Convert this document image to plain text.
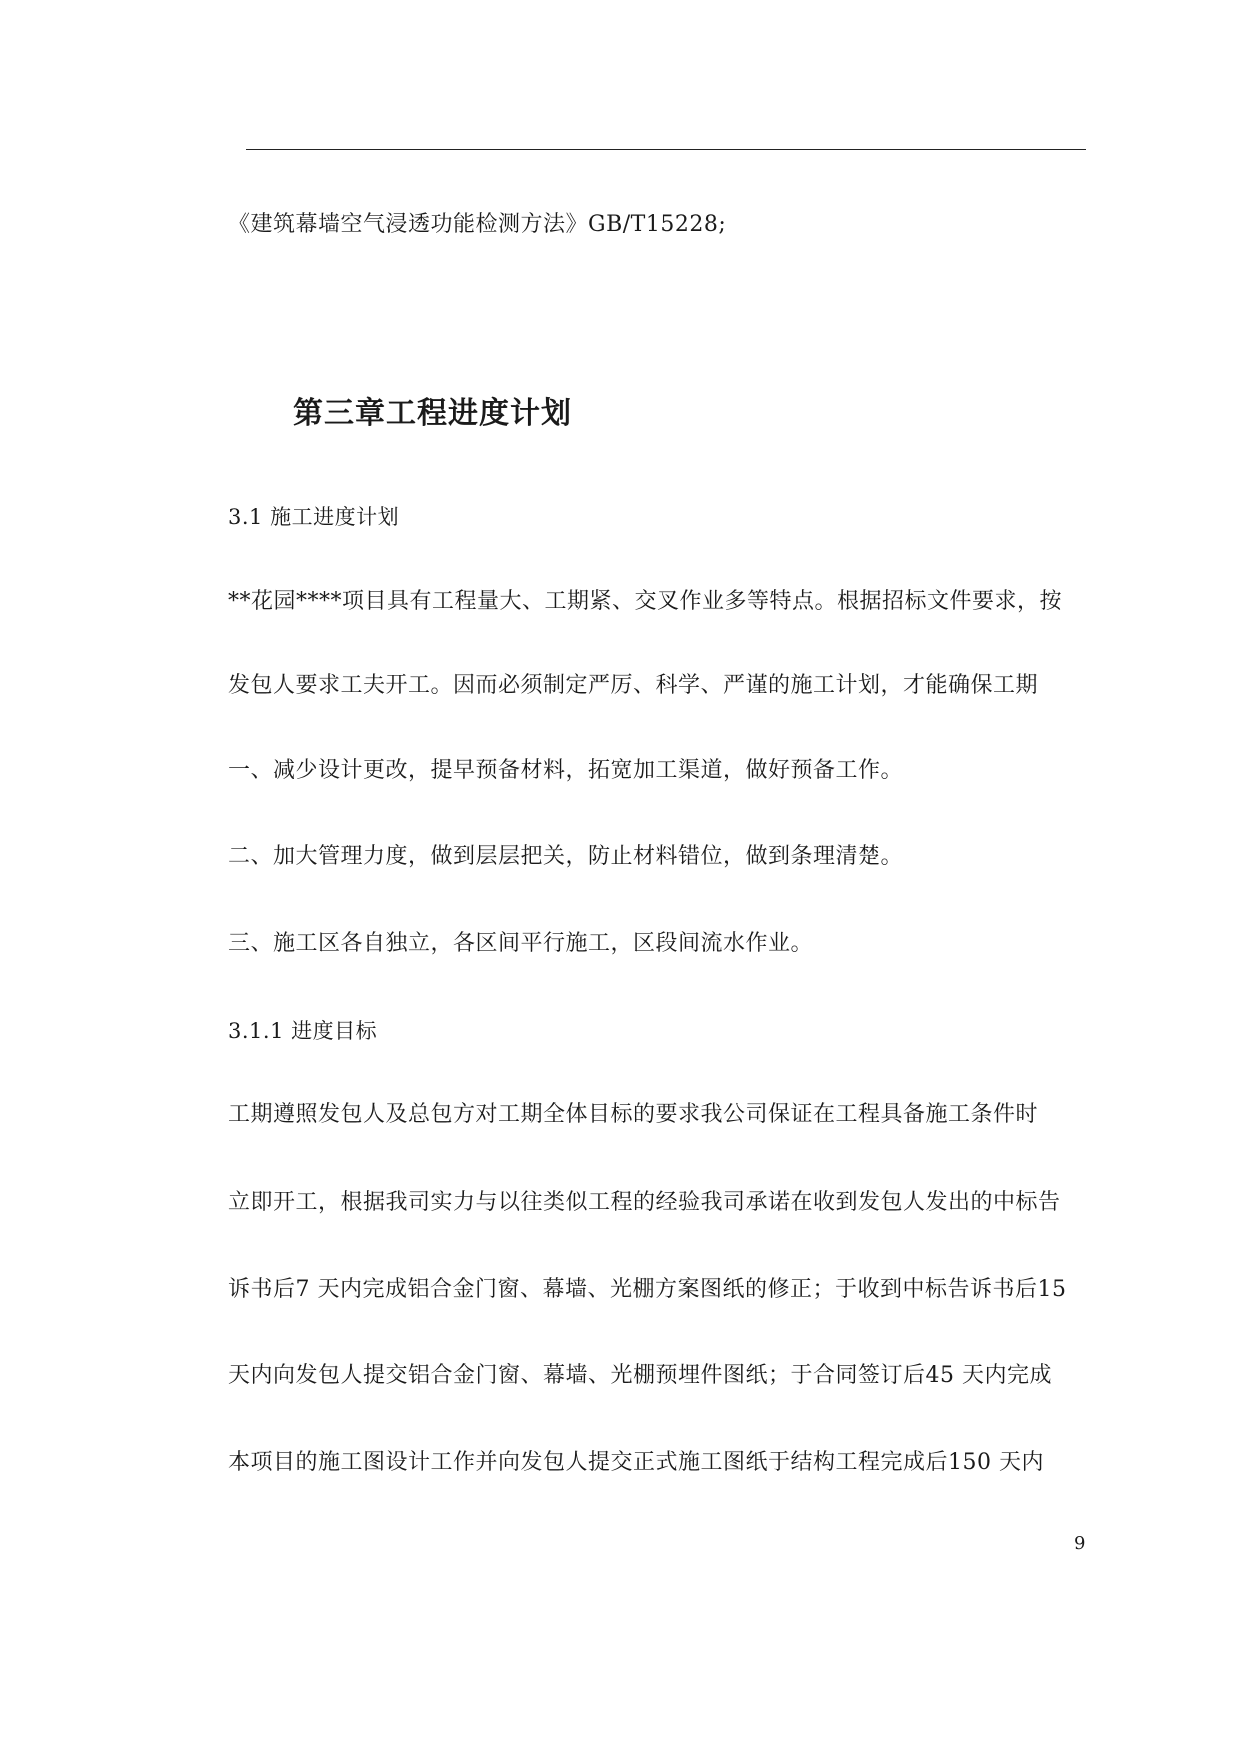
《建筑幕墙空气浸透功能检测方法》GB/T15228;
第三章工程进度计划
3.1 施工进度计划
**花园****项目具有工程量大、工期紧、交叉作业多等特点。根据招标文件要求，按
发包人要求工夫开工。因而必须制定严厉、科学、严谨的施工计划，才能确保工期
一、减少设计更改，提早预备材料，拓宽加工渠道，做好预备工作。
二、加大管理力度，做到层层把关，防止材料错位，做到条理清楚。
三、施工区各自独立，各区间平行施工，区段间流水作业。
3.1.1 进度目标
工期遵照发包人及总包方对工期全体目标的要求我公司保证在工程具备施工条件时
立即开工，根据我司实力与以往类似工程的经验我司承诺在收到发包人发出的中标告
诉书后7 天内完成铝合金门窗、幕墙、光棚方案图纸的修正；于收到中标告诉书后15
天内向发包人提交铝合金门窗、幕墙、光棚预埋件图纸；于合同签订后45 天内完成
本项目的施工图设计工作并向发包人提交正式施工图纸于结构工程完成后150 天内
9
